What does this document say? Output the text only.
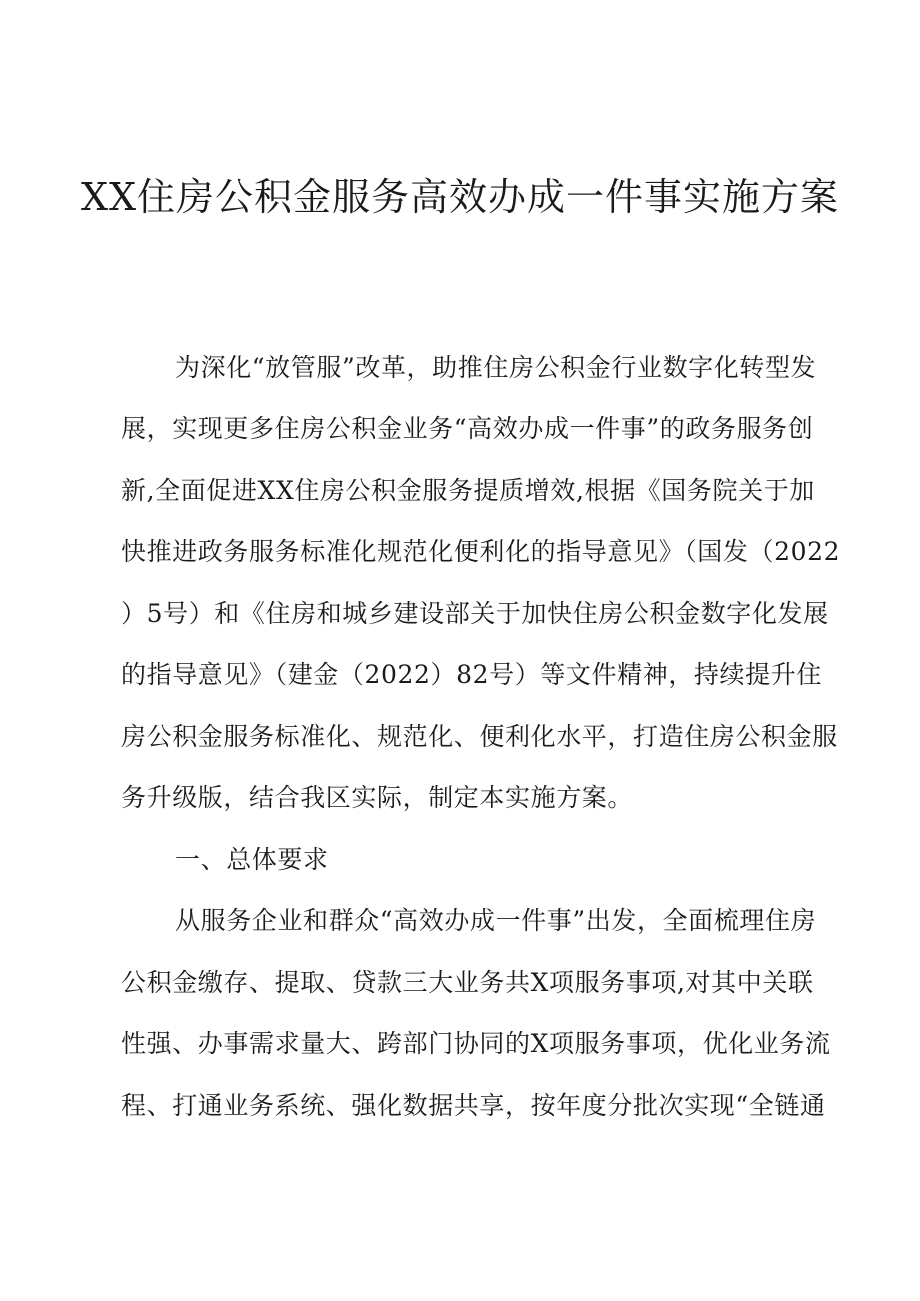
XX住房公积金服务高效办成一件事实施方案
为深化“放管服”改革，助推住房公积金行业数字化转型发
展，实现更多住房公积金业务“高效办成一件事”的政务服务创
新,全面促进XX住房公积金服务提质增效,根据《国务院关于加
快推进政务服务标准化规范化便利化的指导意见》（国发（2022
）5号）和《住房和城乡建设部关于加快住房公积金数字化发展
的指导意见》（建金（2022）82号）等文件精神，持续提升住
房公积金服务标准化、规范化、便利化水平，打造住房公积金服
务升级版，结合我区实际，制定本实施方案。
一、总体要求
从服务企业和群众“高效办成一件事”出发，全面梳理住房
公积金缴存、提取、贷款三大业务共X项服务事项,对其中关联
性强、办事需求量大、跨部门协同的X项服务事项，优化业务流
程、打通业务系统、强化数据共享，按年度分批次实现“全链通
